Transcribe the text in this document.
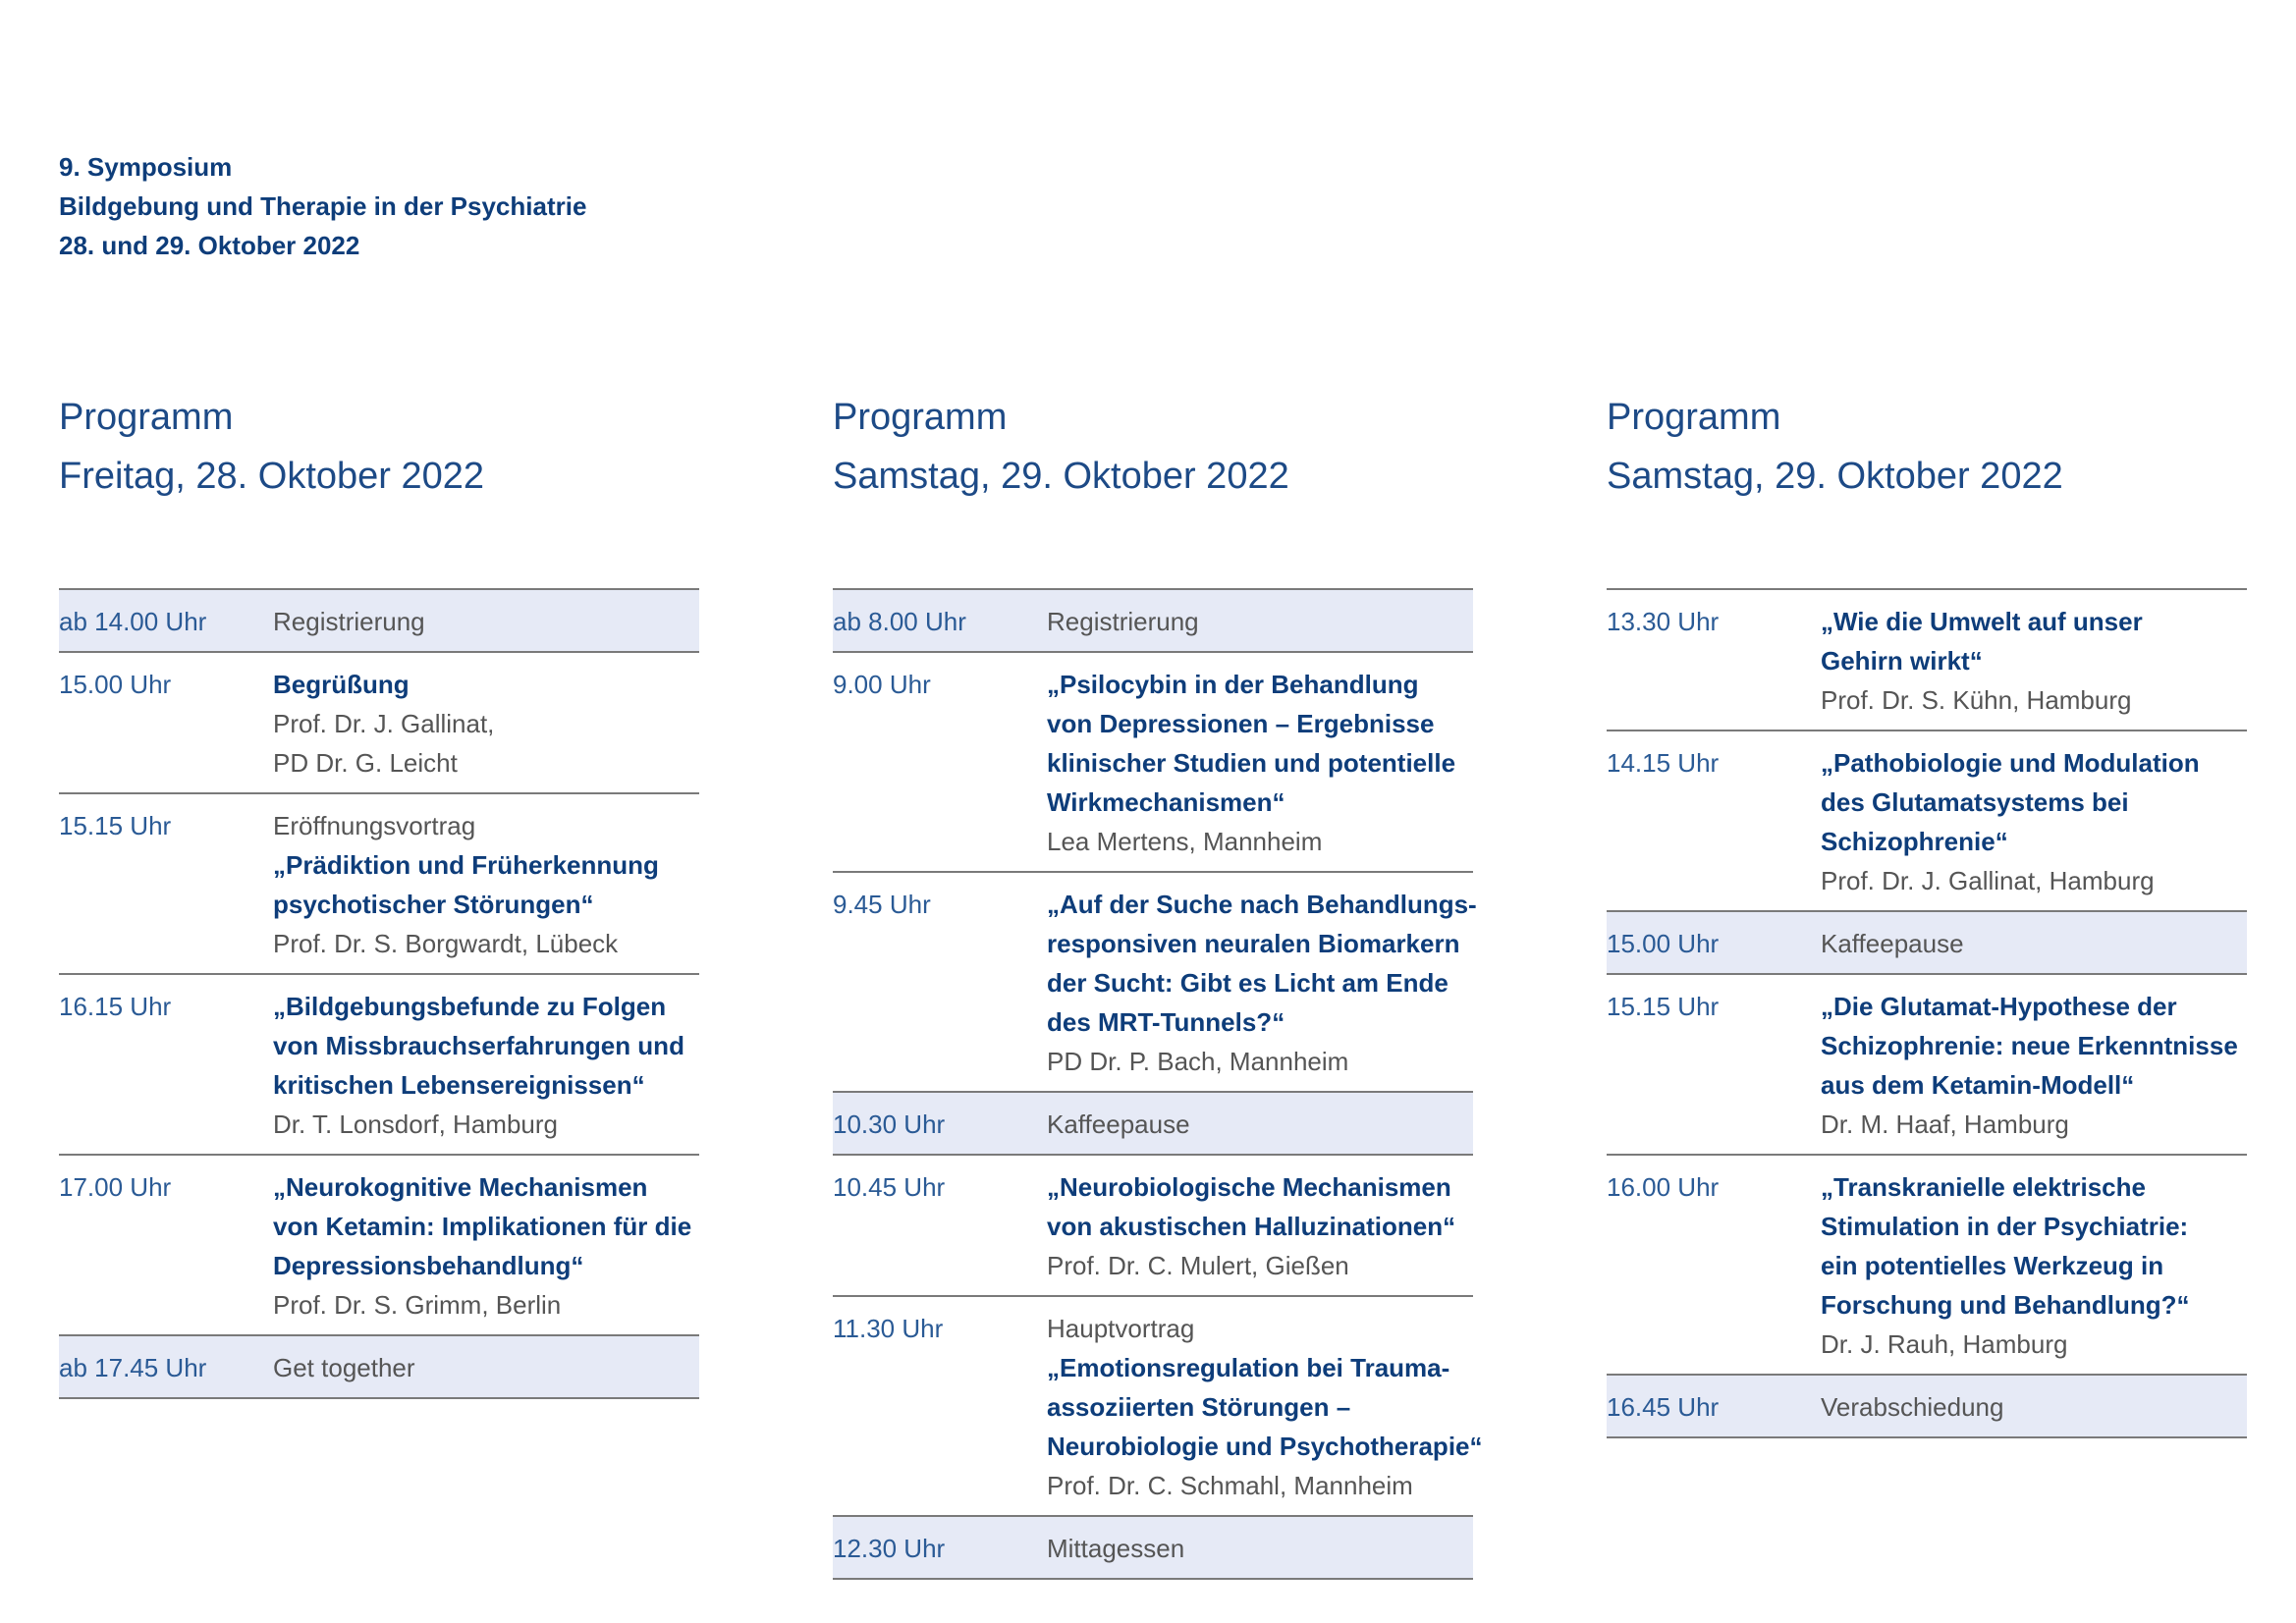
9. Symposium
Bildgebung und Therapie in der Psychiatrie
28. und 29. Oktober 2022
Programm
Freitag, 28. Oktober 2022
ab 14.00 Uhr	Registrierung
15.00 Uhr	Begrüßung
Prof. Dr. J. Gallinat,
PD Dr. G. Leicht
15.15 Uhr	Eröffnungsvortrag
„Prädiktion und Früherkennung
psychotischer Störungen“
Prof. Dr. S. Borgwardt, Lübeck
16.15 Uhr	„Bildgebungsbefunde zu Folgen
von Missbrauchserfahrungen und
kritischen Lebensereignissen“
Dr. T. Lonsdorf, Hamburg
17.00 Uhr	„Neurokognitive Mechanismen
von Ketamin: Implikationen für die
Depressionsbehandlung“
Prof. Dr. S. Grimm, Berlin
ab 17.45 Uhr	Get together
Programm
Samstag, 29. Oktober 2022
ab 8.00 Uhr	Registrierung
9.00 Uhr	„Psilocybin in der Behandlung
von Depressionen – Ergebnisse
klinischer Studien und potentielle
Wirkmechanismen“
Lea Mertens, Mannheim
9.45 Uhr	„Auf der Suche nach Behandlungs-
responsiven neuralen Biomarkern
der Sucht: Gibt es Licht am Ende
des MRT-Tunnels?“
PD Dr. P. Bach, Mannheim
10.30 Uhr	Kaffeepause
10.45 Uhr	„Neurobiologische Mechanismen
von akustischen Halluzinationen“
Prof. Dr. C. Mulert, Gießen
11.30 Uhr	Hauptvortrag
„Emotionsregulation bei Trauma-
assoziierten Störungen –
Neurobiologie und Psychotherapie“
Prof. Dr. C. Schmahl, Mannheim
12.30 Uhr	Mittagessen
Programm
Samstag, 29. Oktober 2022
13.30 Uhr	„Wie die Umwelt auf unser
Gehirn wirkt“
Prof. Dr. S. Kühn, Hamburg
14.15 Uhr	„Pathobiologie und Modulation
des Glutamatsystems bei
Schizophrenie“
Prof. Dr. J. Gallinat, Hamburg
15.00 Uhr	Kaffeepause
15.15 Uhr	„Die Glutamat-Hypothese der
Schizophrenie: neue Erkenntnisse
aus dem Ketamin-Modell“
Dr. M. Haaf, Hamburg
16.00 Uhr	„Transkranielle elektrische
Stimulation in der Psychiatrie:
ein potentielles Werkzeug in
Forschung und Behandlung?“
Dr. J. Rauh, Hamburg
16.45 Uhr	Verabschiedung
